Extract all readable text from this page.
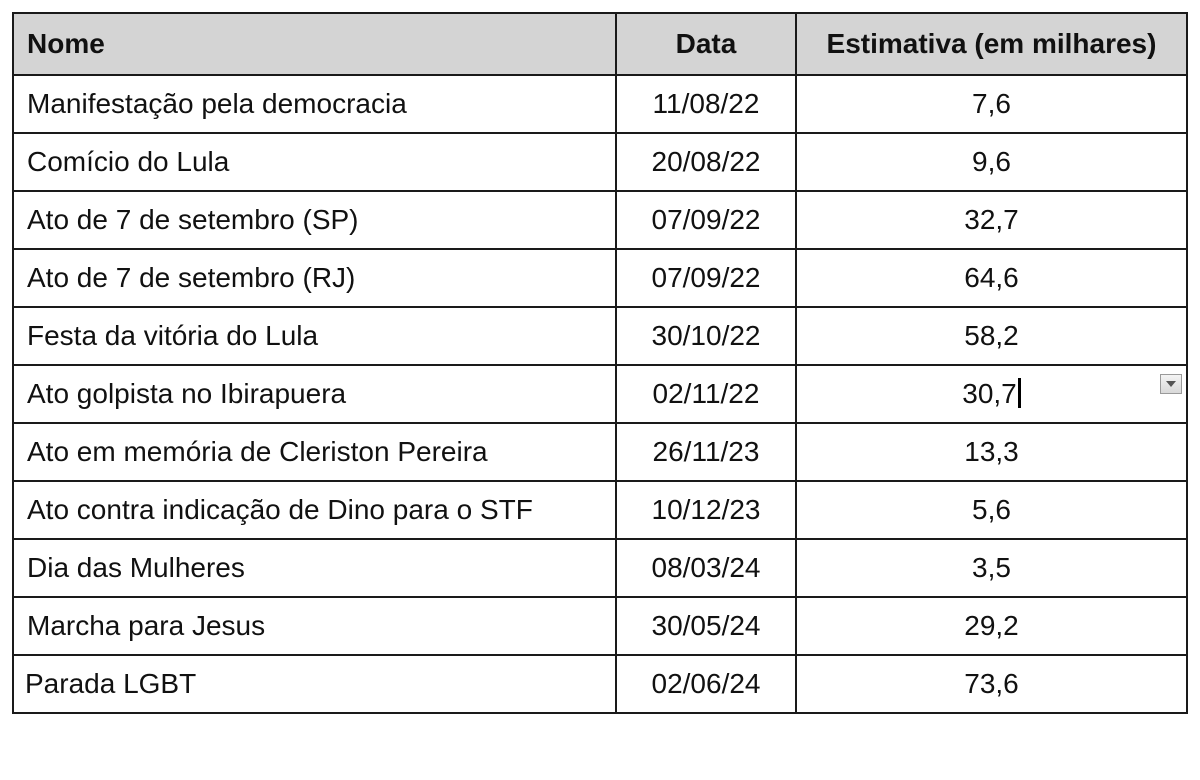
Nome	Data	Estimativa (em milhares)
Manifestação pela democracia	11/08/22	7,6
Comício do Lula	20/08/22	9,6
Ato de 7 de setembro (SP)	07/09/22	32,7
Ato de 7 de setembro (RJ)	07/09/22	64,6
Festa da vitória do Lula	30/10/22	58,2
Ato golpista no Ibirapuera	02/11/22	30,7

Ato em memória de Cleriston Pereira	26/11/23	13,3
Ato contra indicação de Dino para o STF	10/12/23	5,6
Dia das Mulheres	08/03/24	3,5
Marcha para Jesus	30/05/24	29,2
Parada LGBT	02/06/24	73,6
